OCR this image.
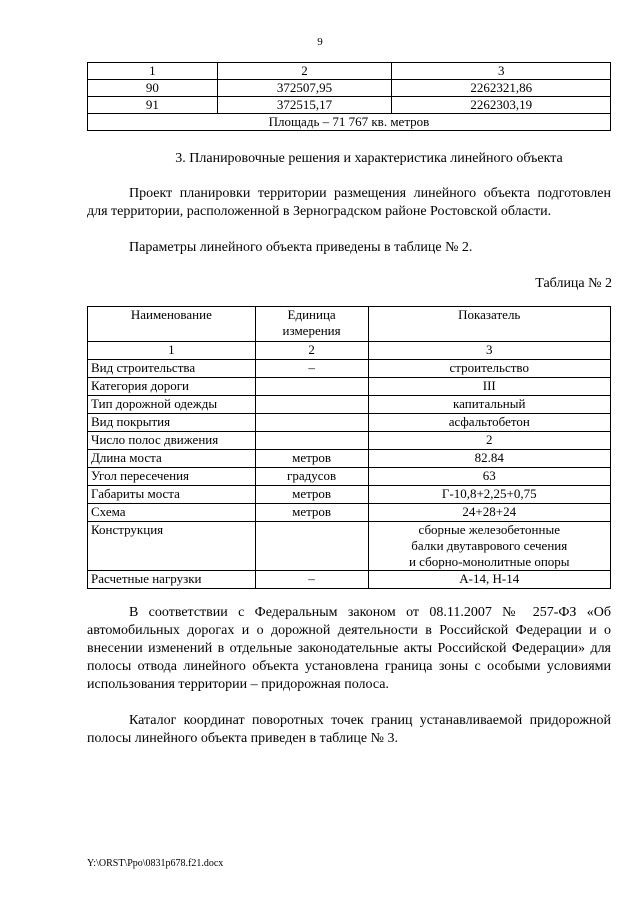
9
1	2	3
90	372507,95	2262321,86
91	372515,17	2262303,19
Площадь – 71 767 кв. метров		
3. Планировочные решения и характеристика линейного объекта

Проект планировки территории размещения линейного объекта подготовлен для территории, расположенной в Зерноградском районе Ростовской области.

Параметры линейного объекта приведены в таблице № 2.

Таблица № 2
Наименование	Единица измерения	Показатель
1	2	3
Вид строительства	–	строительство
Категория дороги		III
Тип дорожной одежды		капитальный
Вид покрытия		асфальтобетон
Число полос движения		2
Длина моста	метров	82.84
Угол пересечения	градусов	63
Габариты моста	метров	Г-10,8+2,25+0,75
Схема	метров	24+28+24
Конструкция		сборные железобетонные
балки двутаврового сечения
и сборно-монолитные опоры

Расчетные нагрузки	–	А-14, Н-14

В соответствии с Федеральным законом от 08.11.2007 № 257-ФЗ «Об автомобильных дорогах и о дорожной деятельности в Российской Федерации и о внесении изменений в отдельные законодательные акты Российской Федерации» для полосы отвода линейного объекта установлена граница зоны с особыми условиями использования территории – придорожная полоса.

Каталог координат поворотных точек границ устанавливаемой придорожной полосы линейного объекта приведен в таблице № 3.

Y:\ORST\Ppo\0831p678.f21.docx
